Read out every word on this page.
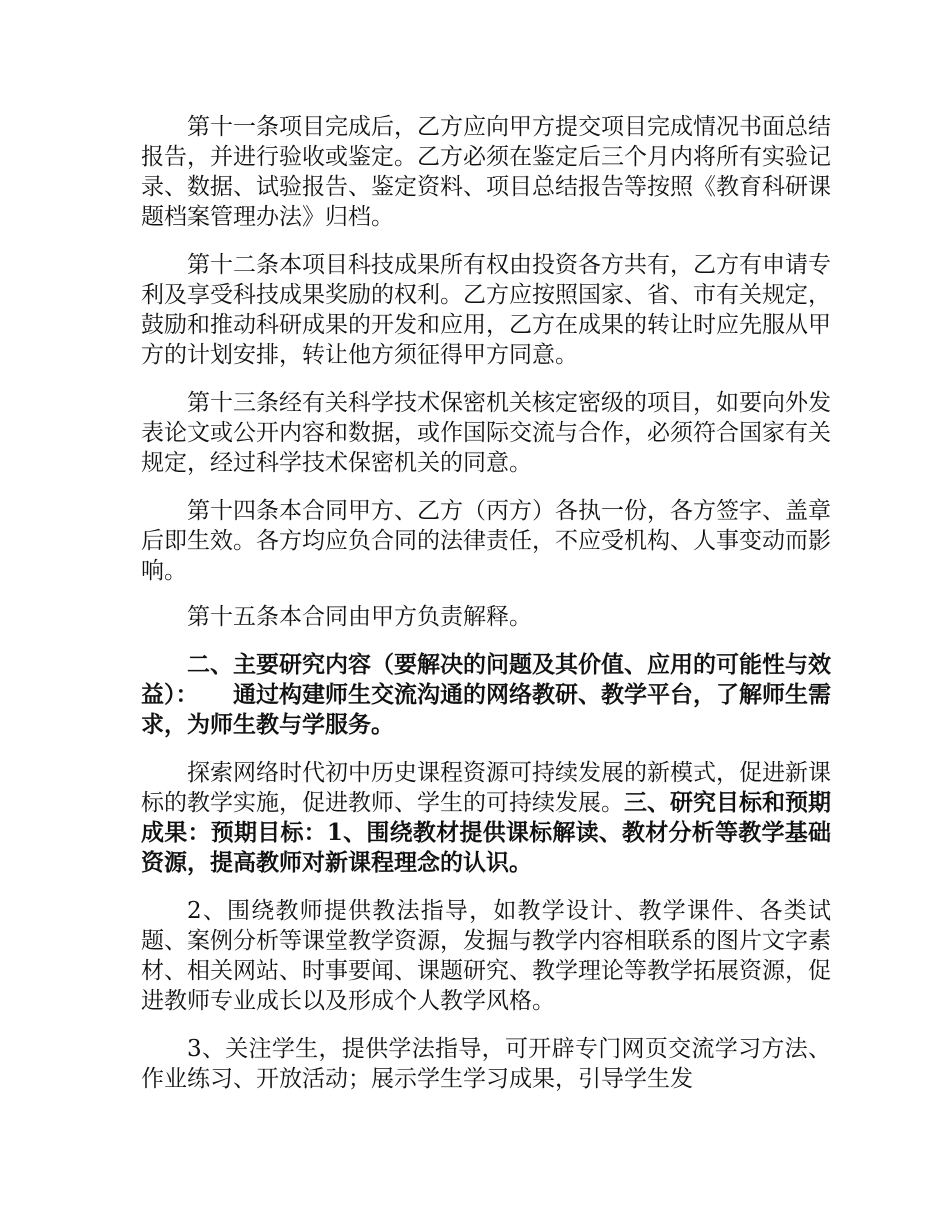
第十一条项目完成后，乙方应向甲方提交项目完成情况书面总结报告，并进行验收或鉴定。乙方必须在鉴定后三个月内将所有实验记录、数据、试验报告、鉴定资料、项目总结报告等按照《教育科研课题档案管理办法》归档。

第十二条本项目科技成果所有权由投资各方共有，乙方有申请专利及享受科技成果奖励的权利。乙方应按照国家、省、市有关规定，鼓励和推动科研成果的开发和应用，乙方在成果的转让时应先服从甲方的计划安排，转让他方须征得甲方同意。

第十三条经有关科学技术保密机关核定密级的项目，如要向外发表论文或公开内容和数据，或作国际交流与合作，必须符合国家有关规定，经过科学技术保密机关的同意。

第十四条本合同甲方、乙方（丙方）各执一份，各方签字、盖章后即生效。各方均应负合同的法律责任，不应受机构、人事变动而影响。

第十五条本合同由甲方负责解释。

二、主要研究内容（要解决的问题及其价值、应用的可能性与效益）：　　通过构建师生交流沟通的网络教研、教学平台，了解师生需求，为师生教与学服务。

探索网络时代初中历史课程资源可持续发展的新模式，促进新课标的教学实施，促进教师、学生的可持续发展。三、研究目标和预期成果：预期目标：1、围绕教材提供课标解读、教材分析等教学基础资源，提高教师对新课程理念的认识。

2、围绕教师提供教法指导，如教学设计、教学课件、各类试题、案例分析等课堂教学资源，发掘与教学内容相联系的图片文字素材、相关网站、时事要闻、课题研究、教学理论等教学拓展资源，促进教师专业成长以及形成个人教学风格。

3、关注学生，提供学法指导，可开辟专门网页交流学习方法、作业练习、开放活动；展示学生学习成果，引导学生发
